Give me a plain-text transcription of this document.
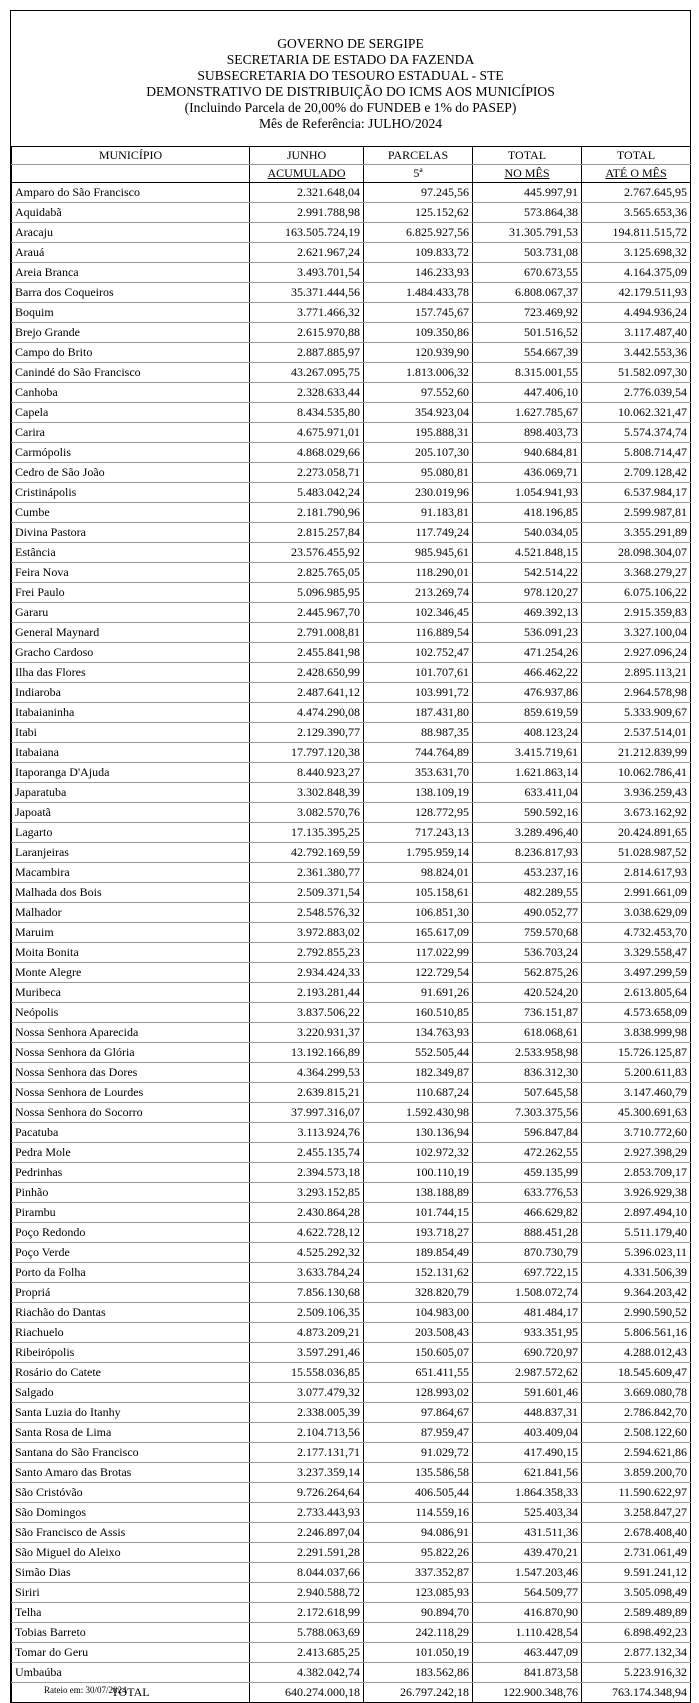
GOVERNO DE SERGIPE
SECRETARIA DE ESTADO DA FAZENDA
SUBSECRETARIA DO TESOURO ESTADUAL - STE
DEMONSTRATIVO DE DISTRIBUIÇÃO DO ICMS AOS MUNICÍPIOS
(Incluindo Parcela de 20,00% do FUNDEB e 1% do PASEP)
Mês de Referência: JULHO/2024
MUNICÍPIO	JUNHO	PARCELAS	TOTAL	TOTAL
	ACUMULADO	5ª	NO MÊS	ATÉ O MÊS
Amparo do São Francisco	2.321.648,04	97.245,56	445.997,91	2.767.645,95
Aquidabã	2.991.788,98	125.152,62	573.864,38	3.565.653,36
Aracaju	163.505.724,19	6.825.927,56	31.305.791,53	194.811.515,72
Arauá	2.621.967,24	109.833,72	503.731,08	3.125.698,32
Areia Branca	3.493.701,54	146.233,93	670.673,55	4.164.375,09
Barra dos Coqueiros	35.371.444,56	1.484.433,78	6.808.067,37	42.179.511,93
Boquim	3.771.466,32	157.745,67	723.469,92	4.494.936,24
Brejo Grande	2.615.970,88	109.350,86	501.516,52	3.117.487,40
Campo do Brito	2.887.885,97	120.939,90	554.667,39	3.442.553,36
Canindé do São Francisco	43.267.095,75	1.813.006,32	8.315.001,55	51.582.097,30
Canhoba	2.328.633,44	97.552,60	447.406,10	2.776.039,54
Capela	8.434.535,80	354.923,04	1.627.785,67	10.062.321,47
Carira	4.675.971,01	195.888,31	898.403,73	5.574.374,74
Carmópolis	4.868.029,66	205.107,30	940.684,81	5.808.714,47
Cedro de São João	2.273.058,71	95.080,81	436.069,71	2.709.128,42
Cristinápolis	5.483.042,24	230.019,96	1.054.941,93	6.537.984,17
Cumbe	2.181.790,96	91.183,81	418.196,85	2.599.987,81
Divina Pastora	2.815.257,84	117.749,24	540.034,05	3.355.291,89
Estância	23.576.455,92	985.945,61	4.521.848,15	28.098.304,07
Feira Nova	2.825.765,05	118.290,01	542.514,22	3.368.279,27
Frei Paulo	5.096.985,95	213.269,74	978.120,27	6.075.106,22
Gararu	2.445.967,70	102.346,45	469.392,13	2.915.359,83
General Maynard	2.791.008,81	116.889,54	536.091,23	3.327.100,04
Gracho Cardoso	2.455.841,98	102.752,47	471.254,26	2.927.096,24
Ilha das Flores	2.428.650,99	101.707,61	466.462,22	2.895.113,21
Indiaroba	2.487.641,12	103.991,72	476.937,86	2.964.578,98
Itabaianinha	4.474.290,08	187.431,80	859.619,59	5.333.909,67
Itabi	2.129.390,77	88.987,35	408.123,24	2.537.514,01
Itabaiana	17.797.120,38	744.764,89	3.415.719,61	21.212.839,99
Itaporanga D'Ajuda	8.440.923,27	353.631,70	1.621.863,14	10.062.786,41
Japaratuba	3.302.848,39	138.109,19	633.411,04	3.936.259,43
Japoatã	3.082.570,76	128.772,95	590.592,16	3.673.162,92
Lagarto	17.135.395,25	717.243,13	3.289.496,40	20.424.891,65
Laranjeiras	42.792.169,59	1.795.959,14	8.236.817,93	51.028.987,52
Macambira	2.361.380,77	98.824,01	453.237,16	2.814.617,93
Malhada dos Bois	2.509.371,54	105.158,61	482.289,55	2.991.661,09
Malhador	2.548.576,32	106.851,30	490.052,77	3.038.629,09
Maruim	3.972.883,02	165.617,09	759.570,68	4.732.453,70
Moita Bonita	2.792.855,23	117.022,99	536.703,24	3.329.558,47
Monte Alegre	2.934.424,33	122.729,54	562.875,26	3.497.299,59
Muribeca	2.193.281,44	91.691,26	420.524,20	2.613.805,64
Neópolis	3.837.506,22	160.510,85	736.151,87	4.573.658,09
Nossa Senhora Aparecida	3.220.931,37	134.763,93	618.068,61	3.838.999,98
Nossa Senhora da Glória	13.192.166,89	552.505,44	2.533.958,98	15.726.125,87
Nossa Senhora das Dores	4.364.299,53	182.349,87	836.312,30	5.200.611,83
Nossa Senhora de Lourdes	2.639.815,21	110.687,24	507.645,58	3.147.460,79
Nossa Senhora do Socorro	37.997.316,07	1.592.430,98	7.303.375,56	45.300.691,63
Pacatuba	3.113.924,76	130.136,94	596.847,84	3.710.772,60
Pedra Mole	2.455.135,74	102.972,32	472.262,55	2.927.398,29
Pedrinhas	2.394.573,18	100.110,19	459.135,99	2.853.709,17
Pinhão	3.293.152,85	138.188,89	633.776,53	3.926.929,38
Pirambu	2.430.864,28	101.744,15	466.629,82	2.897.494,10
Poço Redondo	4.622.728,12	193.718,27	888.451,28	5.511.179,40
Poço Verde	4.525.292,32	189.854,49	870.730,79	5.396.023,11
Porto da Folha	3.633.784,24	152.131,62	697.722,15	4.331.506,39
Propriá	7.856.130,68	328.820,79	1.508.072,74	9.364.203,42
Riachão do Dantas	2.509.106,35	104.983,00	481.484,17	2.990.590,52
Riachuelo	4.873.209,21	203.508,43	933.351,95	5.806.561,16
Ribeirópolis	3.597.291,46	150.605,07	690.720,97	4.288.012,43
Rosário do Catete	15.558.036,85	651.411,55	2.987.572,62	18.545.609,47
Salgado	3.077.479,32	128.993,02	591.601,46	3.669.080,78
Santa Luzia do Itanhy	2.338.005,39	97.864,67	448.837,31	2.786.842,70
Santa Rosa de Lima	2.104.713,56	87.959,47	403.409,04	2.508.122,60
Santana do São Francisco	2.177.131,71	91.029,72	417.490,15	2.594.621,86
Santo Amaro das Brotas	3.237.359,14	135.586,58	621.841,56	3.859.200,70
São Cristóvão	9.726.264,64	406.505,44	1.864.358,33	11.590.622,97
São Domingos	2.733.443,93	114.559,16	525.403,34	3.258.847,27
São Francisco de Assis	2.246.897,04	94.086,91	431.511,36	2.678.408,40
São Miguel do Aleixo	2.291.591,28	95.822,26	439.470,21	2.731.061,49
Simão Dias	8.044.037,66	337.352,87	1.547.203,46	9.591.241,12
Siriri	2.940.588,72	123.085,93	564.509,77	3.505.098,49
Telha	2.172.618,99	90.894,70	416.870,90	2.589.489,89
Tobias Barreto	5.788.063,69	242.118,29	1.110.428,54	6.898.492,23
Tomar do Geru	2.413.685,25	101.050,19	463.447,09	2.877.132,34
Umbaúba	4.382.042,74	183.562,86	841.873,58	5.223.916,32
TOTAL	640.274.000,18	26.797.242,18	122.900.348,76	763.174.348,94
Rateio em: 30/07/2024
